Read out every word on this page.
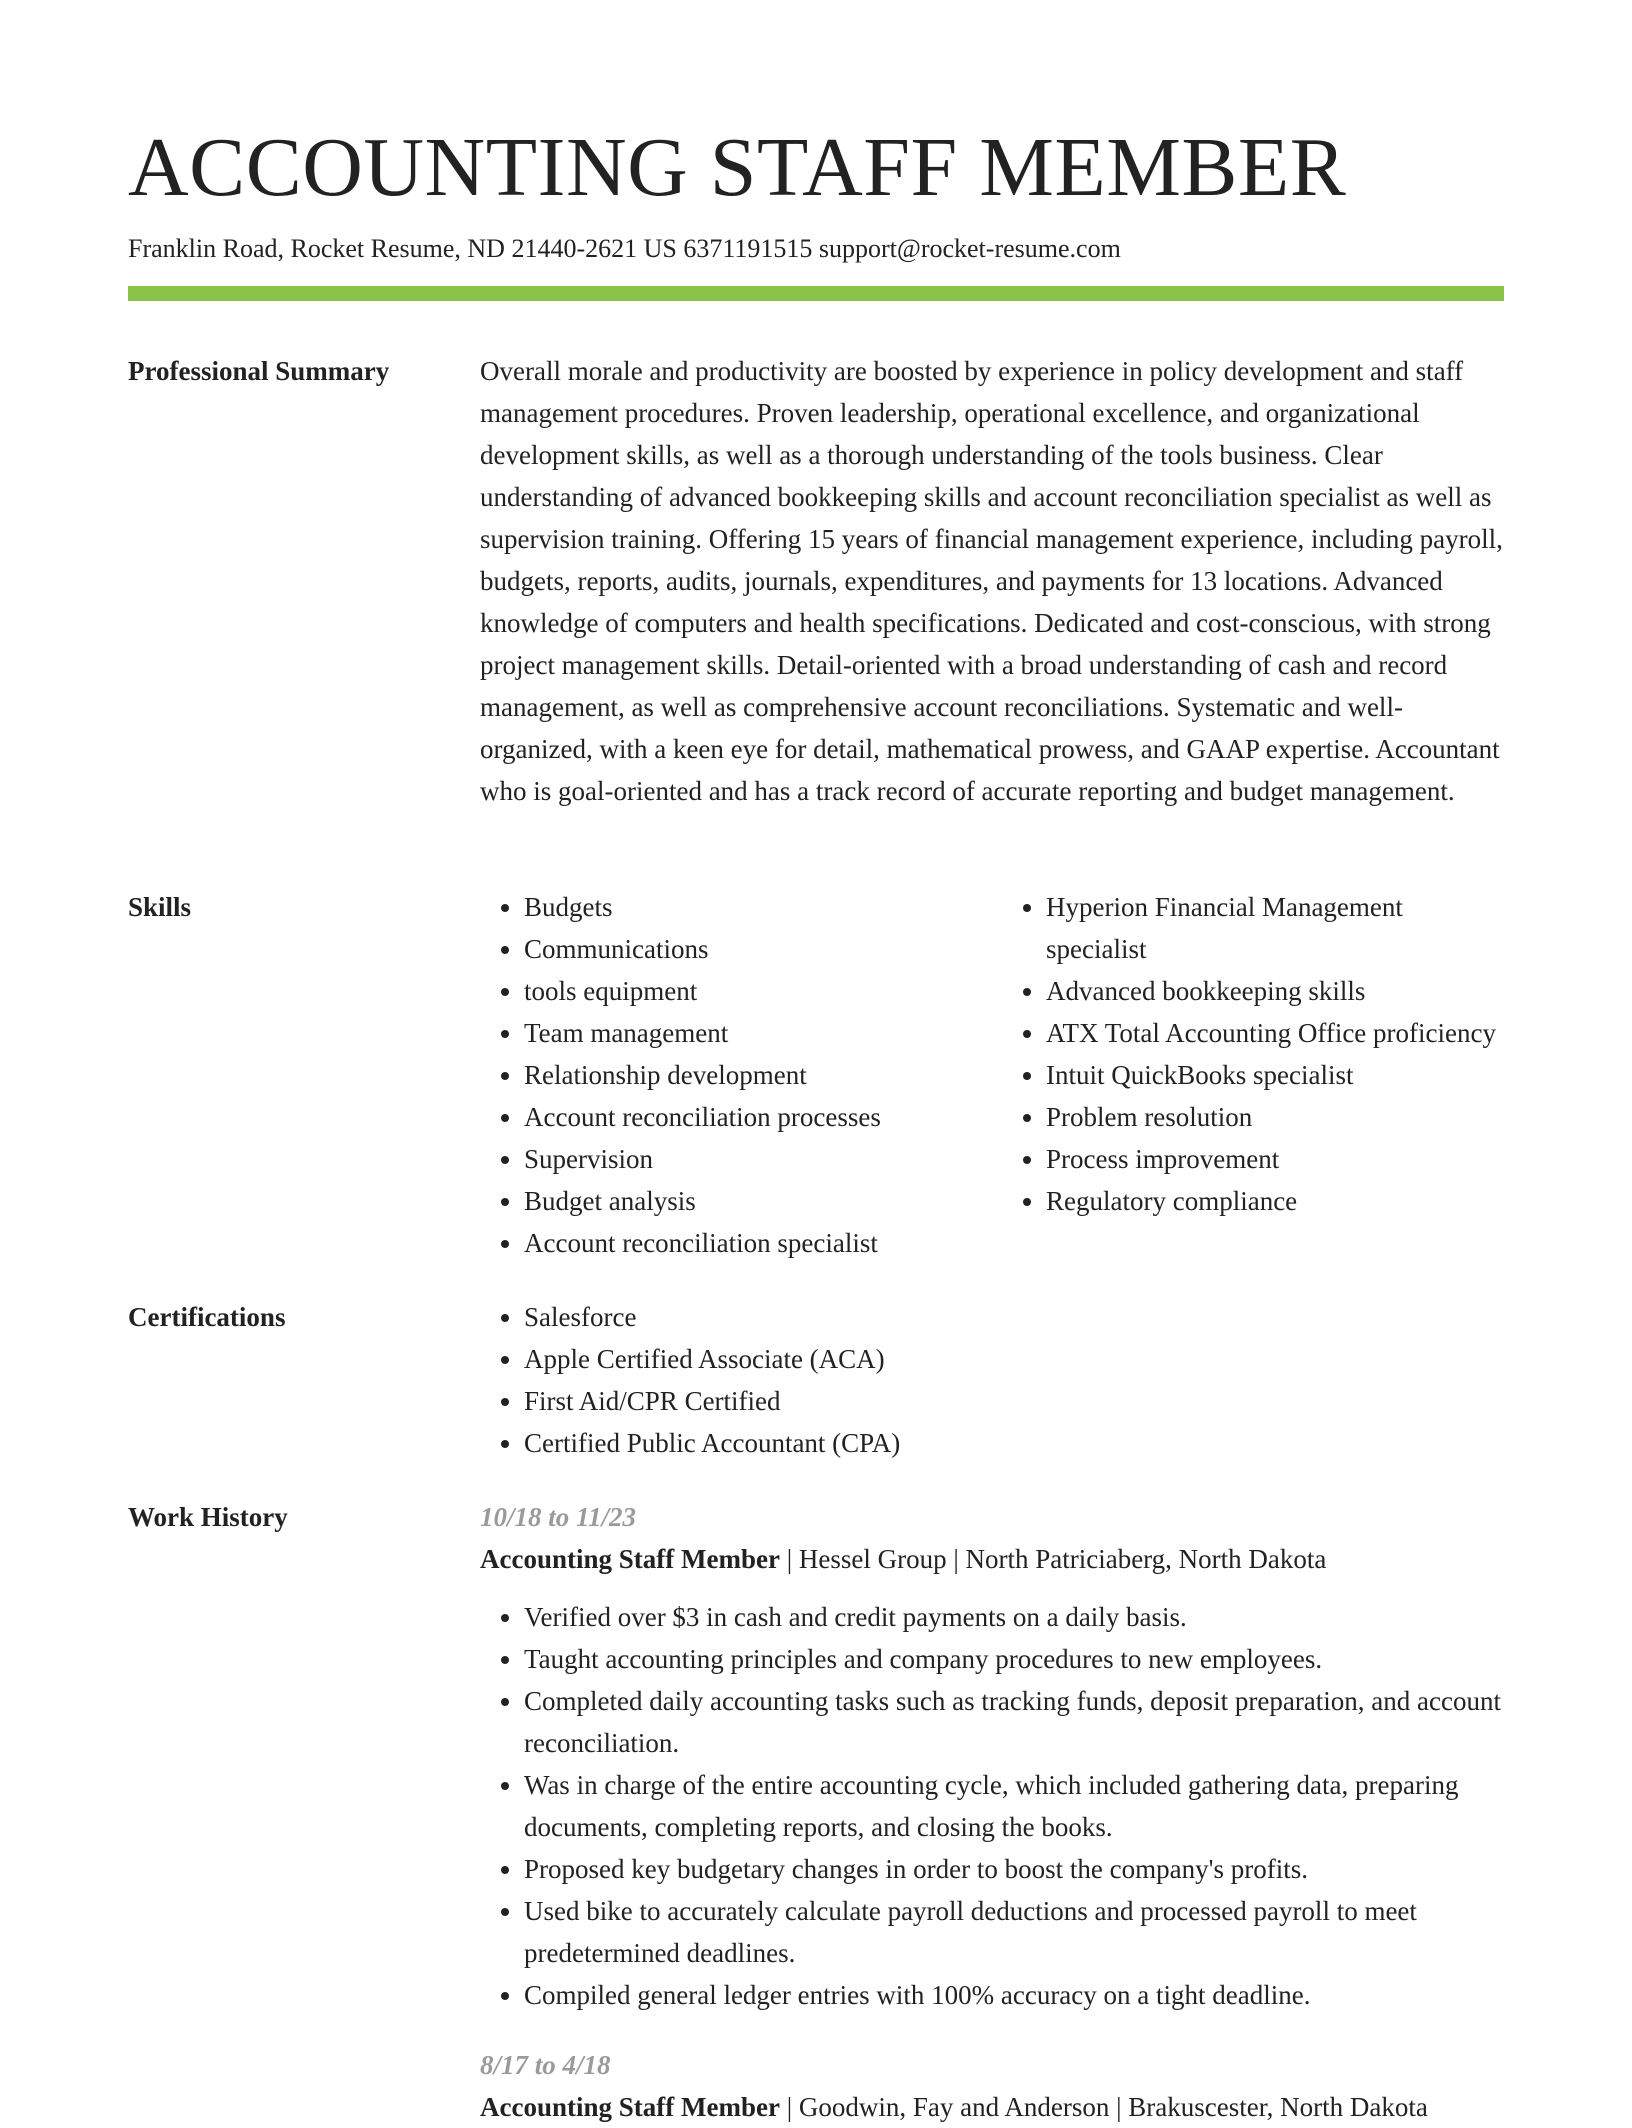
ACCOUNTING STAFF MEMBER
Franklin Road, Rocket Resume, ND 21440-2621 US 6371191515 support@rocket-resume.com
Professional Summary	Overall morale and productivity are boosted by experience in policy development and staff management procedures. Proven leadership, operational excellence, and organizational development skills, as well as a thorough understanding of the tools business. Clear understanding of advanced bookkeeping skills and account reconciliation specialist as well as supervision training. Offering 15 years of financial management experience, including payroll, budgets, reports, audits, journals, expenditures, and payments for 13 locations. Advanced knowledge of computers and health specifications. Dedicated and cost-conscious, with strong project management skills. Detail-oriented with a broad understanding of cash and record management, as well as comprehensive account reconciliations. Systematic and well-organized, with a keen eye for detail, mathematical prowess, and GAAP expertise. Accountant who is goal-oriented and has a track record of accurate reporting and budget management.

Skills	• Budgets
• Communications
• tools equipment
• Team management
• Relationship development
• Account reconciliation processes
• Supervision
• Budget analysis
• Account reconciliation specialist
• Hyperion Financial Management specialist
• Advanced bookkeeping skills
• ATX Total Accounting Office proficiency
• Intuit QuickBooks specialist
• Problem resolution
• Process improvement
• Regulatory compliance
Certifications	• Salesforce
• Apple Certified Associate (ACA)
• First Aid/CPR Certified
• Certified Public Accountant (CPA)
Work History	10/18 to 11/23
Accounting Staff Member | Hessel Group | North Patriciaberg, North Dakota
• Verified over $3 in cash and credit payments on a daily basis.
• Taught accounting principles and company procedures to new employees.
• Completed daily accounting tasks such as tracking funds, deposit preparation, and account reconciliation.
• Was in charge of the entire accounting cycle, which included gathering data, preparing documents, completing reports, and closing the books.
• Proposed key budgetary changes in order to boost the company's profits.
• Used bike to accurately calculate payroll deductions and processed payroll to meet predetermined deadlines.
• Compiled general ledger entries with 100% accuracy on a tight deadline.
8/17 to 4/18
Accounting Staff Member | Goodwin, Fay and Anderson | Brakuscester, North Dakota
